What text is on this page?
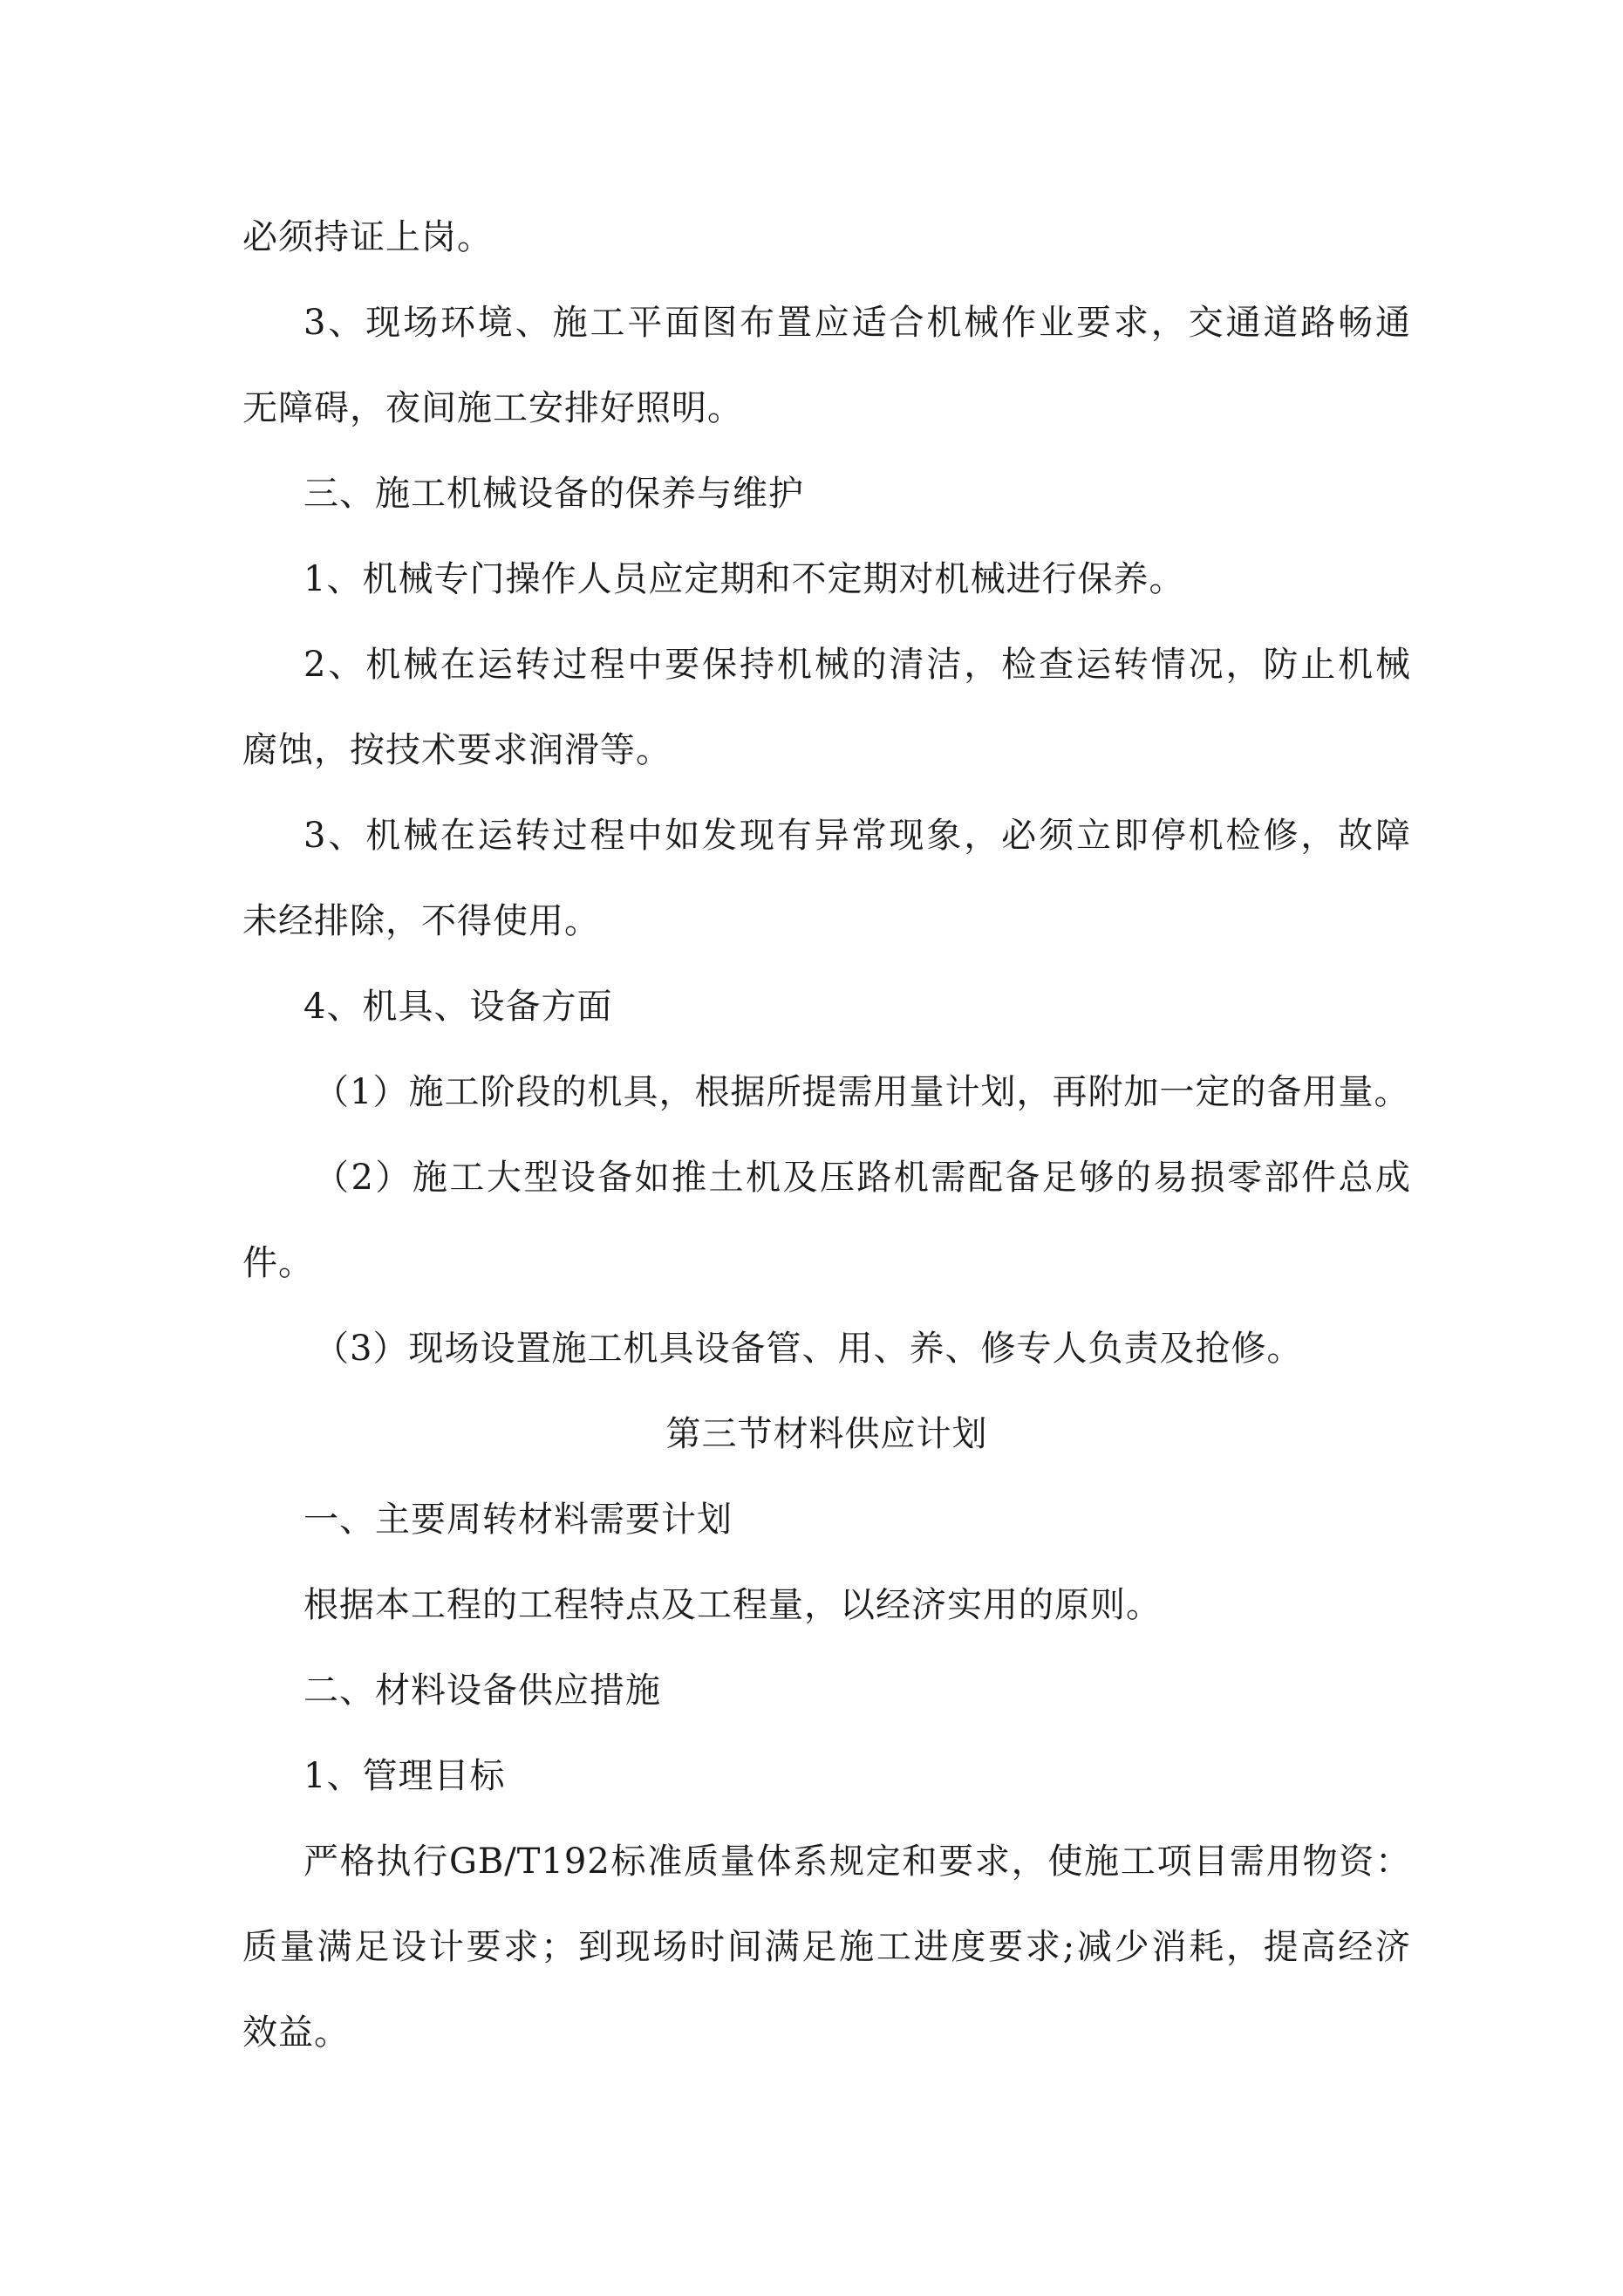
必须持证上岗。
3、现场环境、施工平面图布置应适合机械作业要求，交通道路畅通
无障碍，夜间施工安排好照明。
三、施工机械设备的保养与维护
1、机械专门操作人员应定期和不定期对机械进行保养。
2、机械在运转过程中要保持机械的清洁，检查运转情况，防止机械
腐蚀，按技术要求润滑等。
3、机械在运转过程中如发现有异常现象，必须立即停机检修，故障
未经排除，不得使用。
4、机具、设备方面
（1）施工阶段的机具，根据所提需用量计划，再附加一定的备用量。
（2）施工大型设备如推土机及压路机需配备足够的易损零部件总成
件。
（3）现场设置施工机具设备管、用、养、修专人负责及抢修。
第三节材料供应计划
一、主要周转材料需要计划
根据本工程的工程特点及工程量，以经济实用的原则。
二、材料设备供应措施
1、管理目标
严格执行GB/T192标准质量体系规定和要求，使施工项目需用物资：
质量满足设计要求；到现场时间满足施工进度要求;减少消耗，提高经济
效益。
